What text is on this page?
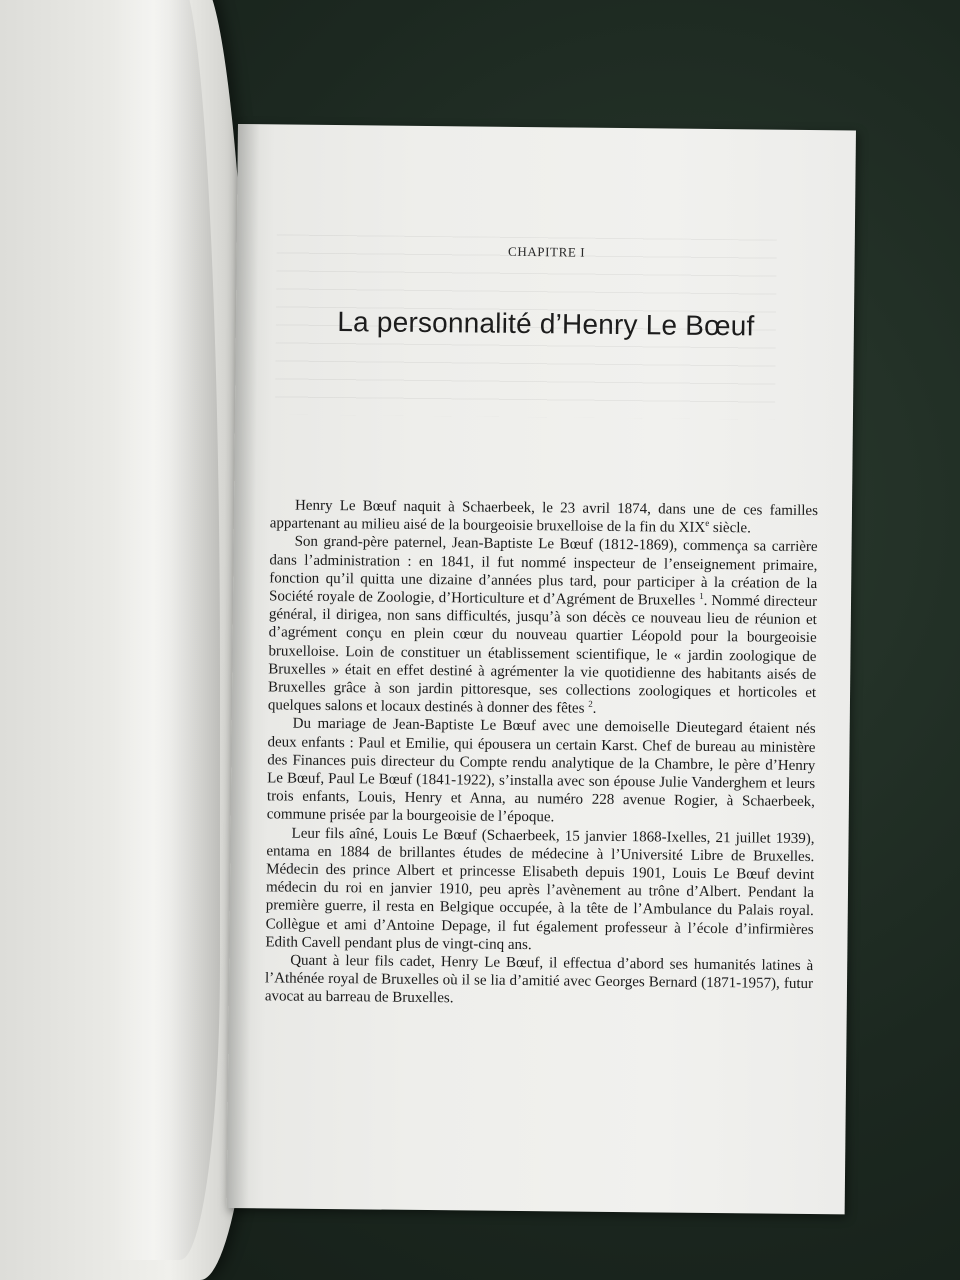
CHAPITRE I
La personnalité d’Henry Le Bœuf

Henry Le Bœuf naquit à Schaerbeek, le 23 avril 1874, dans une de ces familles appartenant au milieu aisé de la bourgeoisie bruxelloise de la fin du XIXe siècle.

Son grand-père paternel, Jean-Baptiste Le Bœuf (1812-1869), commença sa carrière dans l’administration : en 1841, il fut nommé inspecteur de l’enseignement primaire, fonction qu’il quitta une dizaine d’années plus tard, pour participer à la création de la Société royale de Zoologie, d’Horticulture et d’Agrément de Bruxelles $^1$. Nommé directeur général, il dirigea, non sans difficultés, jusqu’à son décès ce nouveau lieu de réunion et d’agrément conçu en plein cœur du nouveau quartier Léopold pour la bourgeoisie bruxelloise. Loin de constituer un établissement scientifique, le « jardin zoologique de Bruxelles » était en effet destiné à agrémenter la vie quotidienne des habitants aisés de Bruxelles grâce à son jardin pittoresque, ses collections zoologiques et horticoles et quelques salons et locaux destinés à donner des fêtes $^2$.

Du mariage de Jean-Baptiste Le Bœuf avec une demoiselle Dieutegard étaient nés deux enfants : Paul et Emilie, qui épousera un certain Karst. Chef de bureau au ministère des Finances puis directeur du Compte rendu analytique de la Chambre, le père d’Henry Le Bœuf, Paul Le Bœuf (1841-1922), s’installa avec son épouse Julie Vanderghem et leurs trois enfants, Louis, Henry et Anna, au numéro 228 avenue Rogier, à Schaerbeek, commune prisée par la bourgeoisie de l’époque.

Leur fils aîné, Louis Le Bœuf (Schaerbeek, 15 janvier 1868-Ixelles, 21 juillet 1939), entama en 1884 de brillantes études de médecine à l’Université Libre de Bruxelles. Médecin des prince Albert et princesse Elisabeth depuis 1901, Louis Le Bœuf devint médecin du roi en janvier 1910, peu après l’avènement au trône d’Albert. Pendant la première guerre, il resta en Belgique occupée, à la tête de l’Ambulance du Palais royal. Collègue et ami d’Antoine Depage, il fut également professeur à l’école d’infirmières Edith Cavell pendant plus de vingt-cinq ans.

Quant à leur fils cadet, Henry Le Bœuf, il effectua d’abord ses humanités latines à l’Athénée royal de Bruxelles où il se lia d’amitié avec Georges Bernard (1871-1957), futur avocat au barreau de Bruxelles.
